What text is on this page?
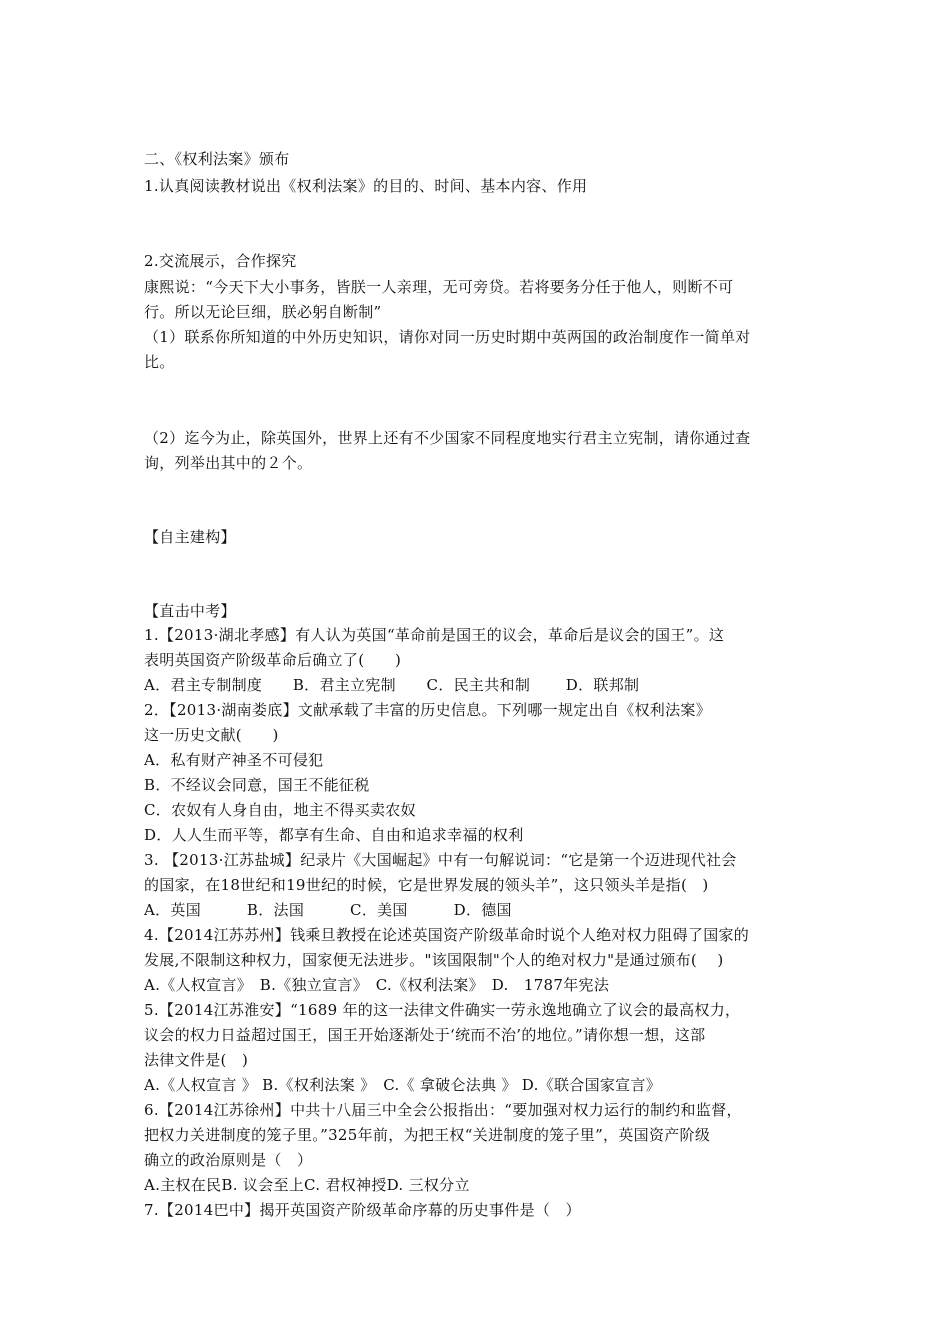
二、《权利法案》颁布
1.认真阅读教材说出《权利法案》的目的、时间、基本内容、作用
2.交流展示，合作探究
康熙说：“今天下大小事务，皆朕一人亲理，无可旁贷。若将要务分任于他人，则断不可
行。所以无论巨细，朕必躬自断制”
（1）联系你所知道的中外历史知识，请你对同一历史时期中英两国的政治制度作一简单对
比。
（2）迄今为止，除英国外，世界上还有不少国家不同程度地实行君主立宪制，请你通过查
询，列举出其中的２个。
【自主建构】
【直击中考】
1.【2013·湖北孝感】有人认为英国“革命前是国王的议会，革命后是议会的国王”。这
表明英国资产阶级革命后确立了(　　)
A．君主专制制度　　B．君主立宪制　　C．民主共和制　　 D．联邦制
2．【2013·湖南娄底】文献承载了丰富的历史信息。下列哪一规定出自《权利法案》
这一历史文献(　　)
A．私有财产神圣不可侵犯
B．不经议会同意，国王不能征税
C．农奴有人身自由，地主不得买卖农奴
D．人人生而平等，都享有生命、自由和追求幸福的权利
3. 【2013·江苏盐城】纪录片《大国崛起》中有一句解说词：“它是第一个迈进现代社会
的国家，在18世纪和19世纪的时候，它是世界发展的领头羊”，这只领头羊是指(　)
A．英国　　　B．法国　　　C．美国　　　D．德国
4.【2014江苏苏州】钱乘旦教授在论述英国资产阶级革命时说个人绝对权力阻碍了国家的
发展,不限制这种权力，国家便无法进步。"该国限制"个人的绝对权力"是通过颁布(　 )
A.《人权宣言》　B.《独立宣言》　C.《权利法案》　D.　1787年宪法
5.【2014江苏淮安】“1689 年的这一法律文件确实一劳永逸地确立了议会的最高权力，
议会的权力日益超过国王，国王开始逐渐处于‘统而不治’的地位。”请你想一想，这部
法律文件是(　)
A.《人权宣言 》 B.《权利法案 》　C.《 拿破仑法典 》 D.《联合国家宣言》
6.【2014江苏徐州】中共十八届三中全会公报指出：“要加强对权力运行的制约和监督，
把权力关进制度的笼子里。”325年前，为把王权“关进制度的笼子里”，英国资产阶级
确立的政治原则是（　）
A.主权在民B. 议会至上C. 君权神授D. 三权分立
7.【2014巴中】揭开英国资产阶级革命序幕的历史事件是（　）
